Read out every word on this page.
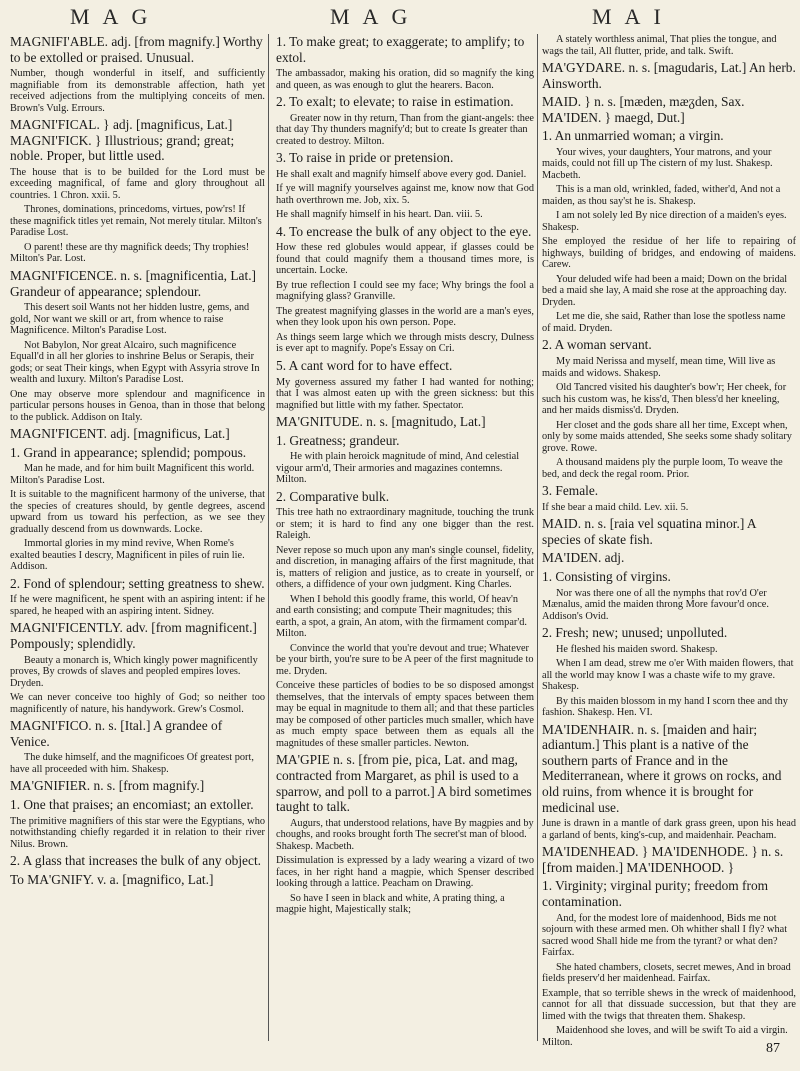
MAG	MAG	MAI

MAGNIFI'ABLE. adj. [from magnify.] Worthy to be extolled or praised. Unusual.

Number, though wonderful in itself, and sufficiently magnifiable from its demonstrable affection, hath yet received adjections from the multiplying conceits of men. Brown's Vulg. Errours.

MAGNI'FICAL. } adj. [magnificus, Lat.] MAGNI'FICK. } Illustrious; grand; great; noble. Proper, but little used.

The house that is to be builded for the Lord must be exceeding magnifical, of fame and glory throughout all countries. 1 Chron. xxii. 5.

Thrones, dominations, princedoms, virtues, pow'rs! If these magnifick titles yet remain, Not merely titular. Milton's Paradise Lost.

O parent! these are thy magnifick deeds; Thy trophies! Milton's Par. Lost.

MAGNI'FICENCE. n. s. [magnificentia, Lat.] Grandeur of appearance; splendour.

This desert soil Wants not her hidden lustre, gems, and gold, Nor want we skill or art, from whence to raise Magnificence. Milton's Paradise Lost.

Not Babylon, Nor great Alcairo, such magnificence Equall'd in all her glories to inshrine Belus or Serapis, their gods; or seat Their kings, when Egypt with Assyria strove In wealth and luxury. Milton's Paradise Lost.

One may observe more splendour and magnificence in particular persons houses in Genoa, than in those that belong to the publick. Addison on Italy.

MAGNI'FICENT. adj. [magnificus, Lat.]

1. Grand in appearance; splendid; pompous.

Man he made, and for him built Magnificent this world. Milton's Paradise Lost.

It is suitable to the magnificent harmony of the universe, that the species of creatures should, by gentle degrees, ascend upward from us toward his perfection, as we see they gradually descend from us downwards. Locke.

Immortal glories in my mind revive, When Rome's exalted beauties I descry, Magnificent in piles of ruin lie. Addison.

2. Fond of splendour; setting greatness to shew.

If he were magnificent, he spent with an aspiring intent: if he spared, he heaped with an aspiring intent. Sidney.

MAGNI'FICENTLY. adv. [from magnificent.] Pompously; splendidly.

Beauty a monarch is, Which kingly power magnificently proves, By crowds of slaves and peopled empires loves. Dryden.

We can never conceive too highly of God; so neither too magnificently of nature, his handywork. Grew's Cosmol.

MAGNI'FICO. n. s. [Ital.] A grandee of Venice.

The duke himself, and the magnificoes Of greatest port, have all proceeded with him. Shakesp.

MA'GNIFIER. n. s. [from magnify.]

1. One that praises; an encomiast; an extoller.

The primitive magnifiers of this star were the Egyptians, who notwithstanding chiefly regarded it in relation to their river Nilus. Brown.

2. A glass that increases the bulk of any object.

To MA'GNIFY. v. a. [magnifico, Lat.]

1. To make great; to exaggerate; to amplify; to extol.

The ambassador, making his oration, did so magnify the king and queen, as was enough to glut the hearers. Bacon.

2. To exalt; to elevate; to raise in estimation.

Greater now in thy return, Than from the giant-angels: thee that day Thy thunders magnify'd; but to create Is greater than created to destroy. Milton.

3. To raise in pride or pretension.

He shall exalt and magnify himself above every god. Daniel.

If ye will magnify yourselves against me, know now that God hath overthrown me. Job, xix. 5.

He shall magnify himself in his heart. Dan. viii. 5.

4. To encrease the bulk of any object to the eye.

How these red globules would appear, if glasses could be found that could magnify them a thousand times more, is uncertain. Locke.

By true reflection I could see my face; Why brings the fool a magnifying glass? Granville.

The greatest magnifying glasses in the world are a man's eyes, when they look upon his own person. Pope.

As things seem large which we through mists descry, Dulness is ever apt to magnify. Pope's Essay on Cri.

5. A cant word for to have effect.

My governess assured my father I had wanted for nothing; that I was almost eaten up with the green sickness: but this magnified but little with my father. Spectator.

MA'GNITUDE. n. s. [magnitudo, Lat.]

1. Greatness; grandeur.

He with plain heroick magnitude of mind, And celestial vigour arm'd, Their armories and magazines contemns. Milton.

2. Comparative bulk.

This tree hath no extraordinary magnitude, touching the trunk or stem; it is hard to find any one bigger than the rest. Raleigh.

Never repose so much upon any man's single counsel, fidelity, and discretion, in managing affairs of the first magnitude, that is, matters of religion and justice, as to create in yourself, or others, a diffidence of your own judgment. King Charles.

When I behold this goodly frame, this world, Of heav'n and earth consisting; and compute Their magnitudes; this earth, a spot, a grain, An atom, with the firmament compar'd. Milton.

Convince the world that you're devout and true; Whatever be your birth, you're sure to be A peer of the first magnitude to me. Dryden.

Conceive these particles of bodies to be so disposed amongst themselves, that the intervals of empty spaces between them may be equal in magnitude to them all; and that these particles may be composed of other particles much smaller, which have as much empty space between them as equals all the magnitudes of these smaller particles. Newton.

MA'GPIE n. s. [from pie, pica, Lat. and mag, contracted from Margaret, as phil is used to a sparrow, and poll to a parrot.] A bird sometimes taught to talk.

Augurs, that understood relations, have By magpies and by choughs, and rooks brought forth The secret'st man of blood. Shakesp. Macbeth.

Dissimulation is expressed by a lady wearing a vizard of two faces, in her right hand a magpie, which Spenser described looking through a lattice. Peacham on Drawing.

So have I seen in black and white, A prating thing, a magpie hight, Majestically stalk;

A stately worthless animal, That plies the tongue, and wags the tail, All flutter, pride, and talk. Swift.

MA'GYDARE. n. s. [magudaris, Lat.] An herb. Ainsworth.

MAID. } n. s. [mæden, mæᵹden, Sax. MA'IDEN. } maegd, Dut.]

1. An unmarried woman; a virgin.

Your wives, your daughters, Your matrons, and your maids, could not fill up The cistern of my lust. Shakesp. Macbeth.

This is a man old, wrinkled, faded, wither'd, And not a maiden, as thou say'st he is. Shakesp.

I am not solely led By nice direction of a maiden's eyes. Shakesp.

She employed the residue of her life to repairing of highways, building of bridges, and endowing of maidens. Carew.

Your deluded wife had been a maid; Down on the bridal bed a maid she lay, A maid she rose at the approaching day. Dryden.

Let me die, she said, Rather than lose the spotless name of maid. Dryden.

2. A woman servant.

My maid Nerissa and myself, mean time, Will live as maids and widows. Shakesp.

Old Tancred visited his daughter's bow'r; Her cheek, for such his custom was, he kiss'd, Then bless'd her kneeling, and her maids dismiss'd. Dryden.

Her closet and the gods share all her time, Except when, only by some maids attended, She seeks some shady solitary grove. Rowe.

A thousand maidens ply the purple loom, To weave the bed, and deck the regal room. Prior.

3. Female.

If she bear a maid child. Lev. xii. 5.

MAID. n. s. [raia vel squatina minor.] A species of skate fish.

MA'IDEN. adj.

1. Consisting of virgins.

Nor was there one of all the nymphs that rov'd O'er Mænalus, amid the maiden throng More favour'd once. Addison's Ovid.

2. Fresh; new; unused; unpolluted.

He fleshed his maiden sword. Shakesp.

When I am dead, strew me o'er With maiden flowers, that all the world may know I was a chaste wife to my grave. Shakesp.

By this maiden blossom in my hand I scorn thee and thy fashion. Shakesp. Hen. VI.

MA'IDENHAIR. n. s. [maiden and hair; adiantum.] This plant is a native of the southern parts of France and in the Mediterranean, where it grows on rocks, and old ruins, from whence it is brought for medicinal use.

June is drawn in a mantle of dark grass green, upon his head a garland of bents, king's-cup, and maidenhair. Peacham.

MA'IDENHEAD. } MA'IDENHODE. } n. s. [from maiden.] MA'IDENHOOD. }

1. Virginity; virginal purity; freedom from contamination.

And, for the modest lore of maidenhood, Bids me not sojourn with these armed men. Oh whither shall I fly? what sacred wood Shall hide me from the tyrant? or what den? Fairfax.

She hated chambers, closets, secret mewes, And in broad fields preserv'd her maidenhead. Fairfax.

Example, that so terrible shews in the wreck of maidenhood, cannot for all that dissuade succession, but that they are limed with the twigs that threaten them. Shakesp.

Maidenhood she loves, and will be swift To aid a virgin. Milton.	87
